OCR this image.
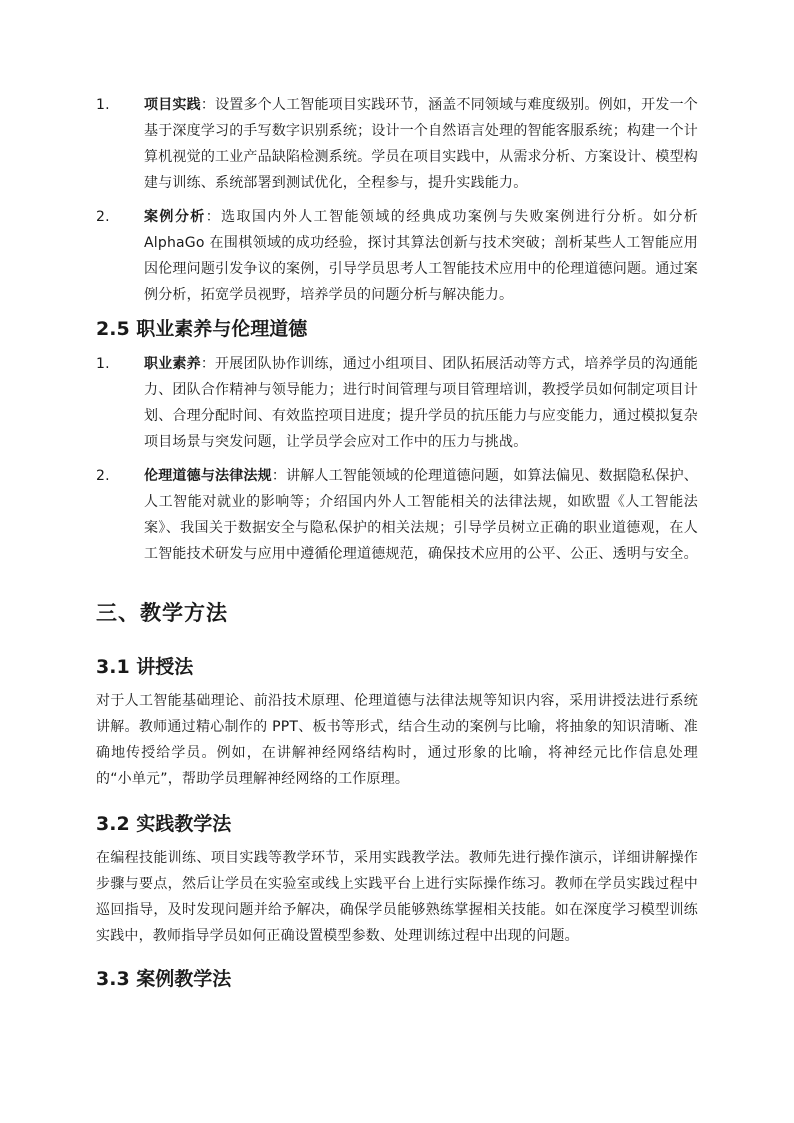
1. 项目实践：设置多个人工智能项目实践环节，涵盖不同领域与难度级别。例如，开发一个基于深度学习的手写数字识别系统；设计一个自然语言处理的智能客服系统；构建一个计算机视觉的工业产品缺陷检测系统。学员在项目实践中，从需求分析、方案设计、模型构建与训练、系统部署到测试优化，全程参与，提升实践能力。
2. 案例分析：选取国内外人工智能领域的经典成功案例与失败案例进行分析。如分析 AlphaGo 在围棋领域的成功经验，探讨其算法创新与技术突破；剖析某些人工智能应用因伦理问题引发争议的案例，引导学员思考人工智能技术应用中的伦理道德问题。通过案例分析，拓宽学员视野，培养学员的问题分析与解决能力。
2.5 职业素养与伦理道德
1. 职业素养：开展团队协作训练，通过小组项目、团队拓展活动等方式，培养学员的沟通能力、团队合作精神与领导能力；进行时间管理与项目管理培训，教授学员如何制定项目计划、合理分配时间、有效监控项目进度；提升学员的抗压能力与应变能力，通过模拟复杂项目场景与突发问题，让学员学会应对工作中的压力与挑战。
2. 伦理道德与法律法规：讲解人工智能领域的伦理道德问题，如算法偏见、数据隐私保护、人工智能对就业的影响等；介绍国内外人工智能相关的法律法规，如欧盟《人工智能法案》、我国关于数据安全与隐私保护的相关法规；引导学员树立正确的职业道德观，在人工智能技术研发与应用中遵循伦理道德规范，确保技术应用的公平、公正、透明与安全。
三、教学方法
3.1 讲授法

对于人工智能基础理论、前沿技术原理、伦理道德与法律法规等知识内容，采用讲授法进行系统讲解。教师通过精心制作的 PPT、板书等形式，结合生动的案例与比喻，将抽象的知识清晰、准确地传授给学员。例如，在讲解神经网络结构时，通过形象的比喻，将神经元比作信息处理的“小单元”，帮助学员理解神经网络的工作原理。

3.2 实践教学法

在编程技能训练、项目实践等教学环节，采用实践教学法。教师先进行操作演示，详细讲解操作步骤与要点，然后让学员在实验室或线上实践平台上进行实际操作练习。教师在学员实践过程中巡回指导，及时发现问题并给予解决，确保学员能够熟练掌握相关技能。如在深度学习模型训练实践中，教师指导学员如何正确设置模型参数、处理训练过程中出现的问题。

3.3 案例教学法
